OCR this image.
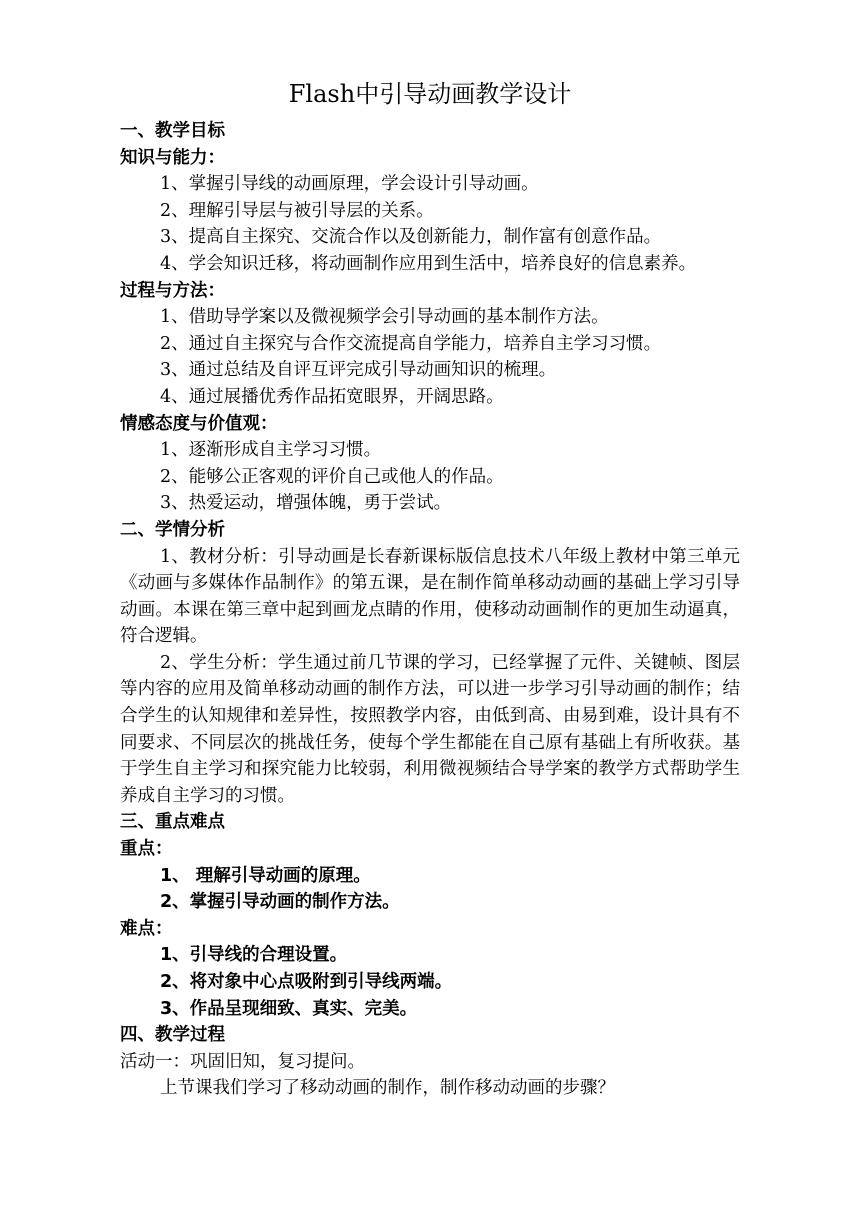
Flash中引导动画教学设计

一、教学目标

知识与能力：

1、掌握引导线的动画原理，学会设计引导动画。

2、理解引导层与被引导层的关系。

3、提高自主探究、交流合作以及创新能力，制作富有创意作品。

4、学会知识迁移，将动画制作应用到生活中，培养良好的信息素养。

过程与方法：

1、借助导学案以及微视频学会引导动画的基本制作方法。

2、通过自主探究与合作交流提高自学能力，培养自主学习习惯。

3、通过总结及自评互评完成引导动画知识的梳理。

4、通过展播优秀作品拓宽眼界，开阔思路。

情感态度与价值观：

1、逐渐形成自主学习习惯。

2、能够公正客观的评价自己或他人的作品。

3、热爱运动，增强体魄，勇于尝试。

二、学情分析

1、教材分析：引导动画是长春新课标版信息技术八年级上教材中第三单元《动画与多媒体作品制作》的第五课，是在制作简单移动动画的基础上学习引导动画。本课在第三章中起到画龙点睛的作用，使移动动画制作的更加生动逼真，符合逻辑。

2、学生分析：学生通过前几节课的学习，已经掌握了元件、关键帧、图层等内容的应用及简单移动动画的制作方法，可以进一步学习引导动画的制作；结合学生的认知规律和差异性，按照教学内容，由低到高、由易到难，设计具有不同要求、不同层次的挑战任务，使每个学生都能在自己原有基础上有所收获。基于学生自主学习和探究能力比较弱，利用微视频结合导学案的教学方式帮助学生养成自主学习的习惯。

三、重点难点

重点：

1、 理解引导动画的原理。

2、掌握引导动画的制作方法。

难点：

1、引导线的合理设置。

2、将对象中心点吸附到引导线两端。

3、作品呈现细致、真实、完美。

四、教学过程

活动一：巩固旧知，复习提问。

上节课我们学习了移动动画的制作，制作移动动画的步骤？
